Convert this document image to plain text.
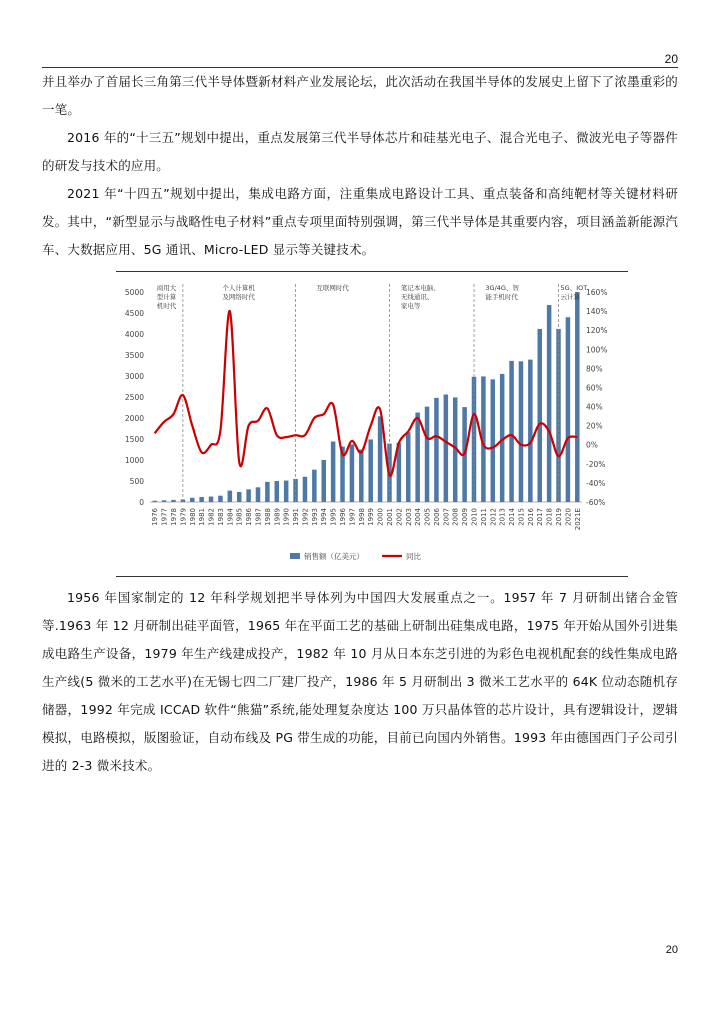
20

并且举办了首届长三角第三代半导体暨新材料产业发展论坛，此次活动在我国半导体的发展史上留下了浓墨重彩的一笔。

2016 年的“十三五”规划中提出，重点发展第三代半导体芯片和硅基光电子、混合光电子、微波光电子等器件的研发与技术的应用。

2021 年“十四五”规划中提出，集成电路方面，注重集成电路设计工具、重点装备和高纯靶材等关键材料研发。其中，“新型显示与战略性电子材料”重点专项里面特别强调，第三代半导体是其重要内容，项目涵盖新能源汽车、大数据应用、5G 通讯、Micro-LED 显示等关键技术。

0
500
1000
1500
2000
2500
3000
3500
4000
4500
5000
-60%
-40%
-20%
0%
20%
40%
60%
80%
100%
120%
140%
160%
商用大型计算机时代
个人计算机及网络时代
互联网时代	笔记本电脑、无线通讯、家电等
3G/4G、智能手机时代
5G、IOT、云计算
1976 1977 1978 1979 1980 1981 1982 1983 1984 1985 1986 1987 1988 1989 1990 1991 1992 1993 1994 1995 1996 1997 1998 1999 2000 2001 2002 2003 2004 2005 2006 2007 2008 2009 2010 2011 2012 2013 2014 2015 2016 2017 2018 2019 2020 2021E
销售额（亿美元）	同比

1956 年国家制定的 12 年科学规划把半导体列为中国四大发展重点之一。1957 年 7 月研制出锗合金管等.1963 年 12 月研制出硅平面管，1965 年在平面工艺的基础上研制出硅集成电路，1975 年开始从国外引进集成电路生产设备，1979 年生产线建成投产，1982 年 10 月从日本东芝引进的为彩色电视机配套的线性集成电路生产线(5 微米的工艺水平)在无锡七四二厂建厂投产，1986 年 5 月研制出 3 微米工艺水平的 64K 位动态随机存储器，1992 年完成 ICCAD 软件“熊猫”系统,能处理复杂度达 100 万只晶体管的芯片设计，具有逻辑设计，逻辑模拟，电路模拟，版图验证，自动布线及 PG 带生成的功能，目前已向国内外销售。1993 年由德国西门子公司引进的 2-3 微米技术。

20
